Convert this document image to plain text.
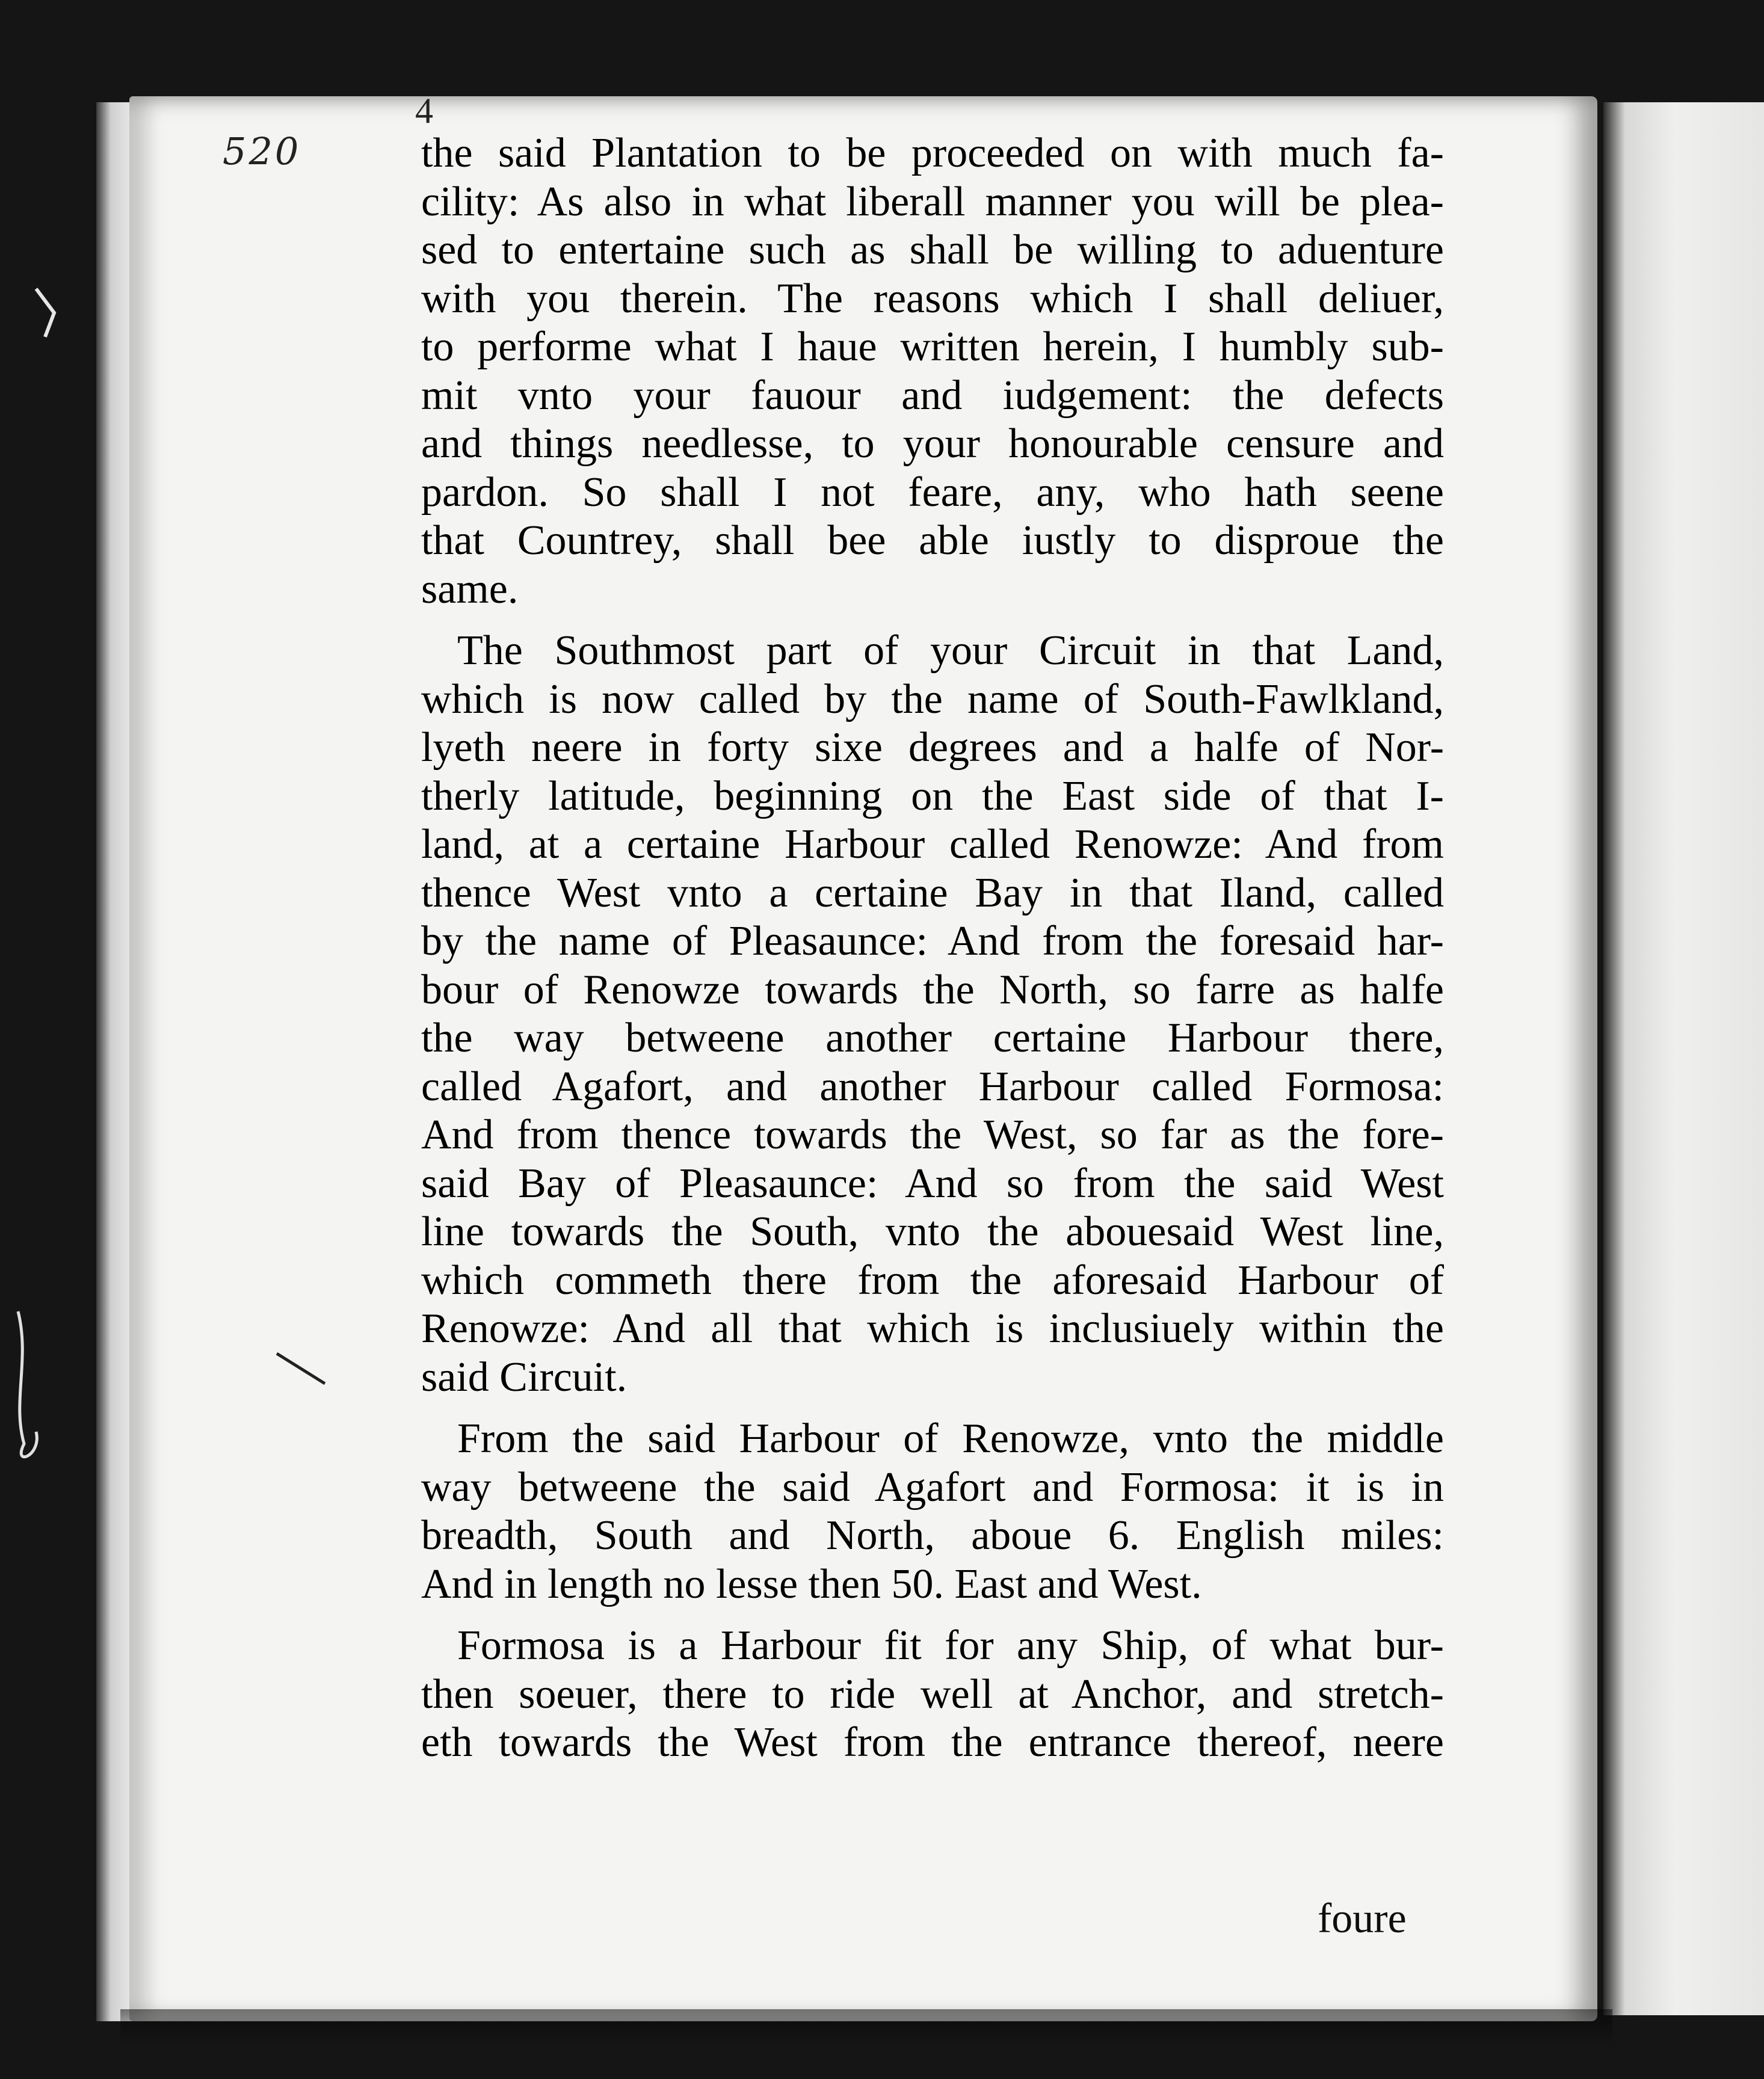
520
4
the said Plantation to be proceeded on with much fa-
cility: As also in what liberall manner you will be plea-
sed to entertaine such as shall be willing to aduenture
with you therein. The reasons which I shall deliuer,
to performe what I haue written herein, I humbly sub-
mit vnto your fauour and iudgement: the defects
and things needlesse, to your honourable censure and
pardon. So shall I not feare, any, who hath seene
that Countrey, shall bee able iustly to disproue the
same.
The Southmost part of your Circuit in that Land,
which is now called by the name of South-Fawlkland,
lyeth neere in forty sixe degrees and a halfe of Nor-
therly latitude, beginning on the East side of that I-
land, at a certaine Harbour called Renowze: And from
thence West vnto a certaine Bay in that Iland, called
by the name of Pleasaunce: And from the foresaid har-
bour of Renowze towards the North, so farre as halfe
the way betweene another certaine Harbour there,
called Agafort, and another Harbour called Formosa:
And from thence towards the West, so far as the fore-
said Bay of Pleasaunce: And so from the said West
line towards the South, vnto the abouesaid West line,
which commeth there from the aforesaid Harbour of
Renowze: And all that which is inclusiuely within the
said Circuit.
From the said Harbour of Renowze, vnto the middle
way betweene the said Agafort and Formosa: it is in
breadth, South and North, aboue 6. English miles:
And in length no lesse then 50. East and West.
Formosa is a Harbour fit for any Ship, of what bur-
then soeuer, there to ride well at Anchor, and stretch-
eth towards the West from the entrance thereof, neere
foure
